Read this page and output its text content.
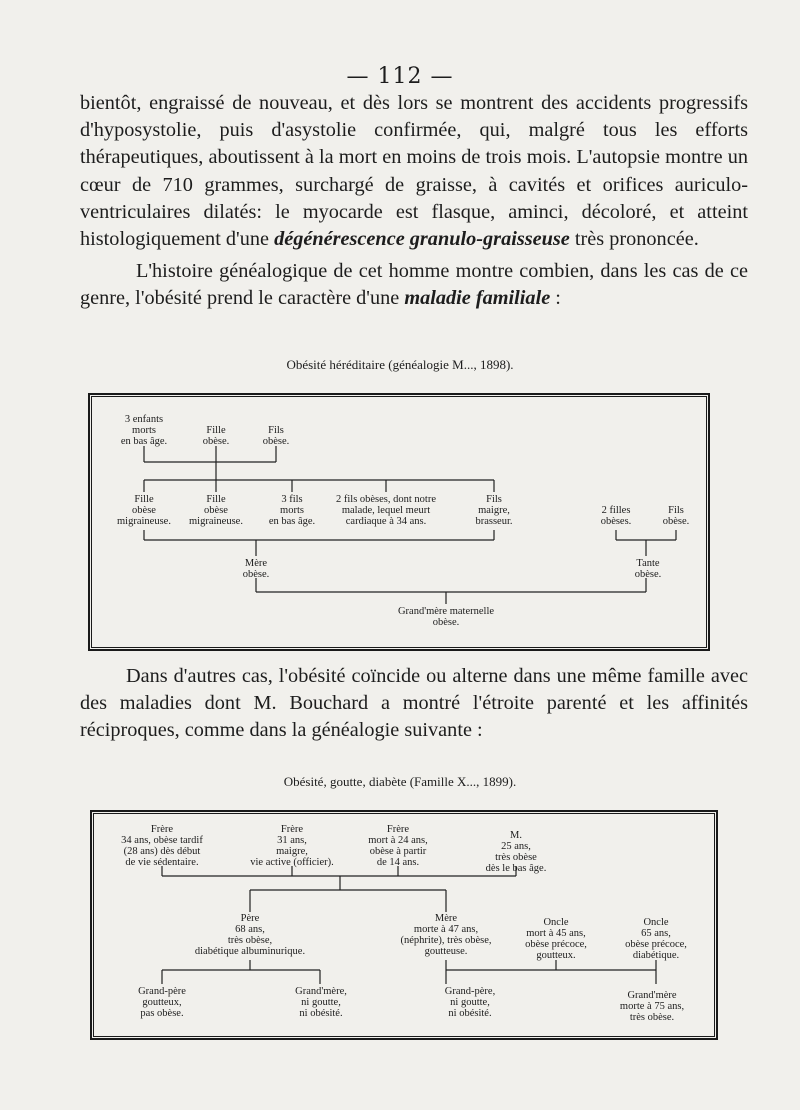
— 112 —

bientôt, engraissé de nouveau, et dès lors se montrent des accidents progressifs d'hyposystolie, puis d'asystolie confirmée, qui, malgré tous les efforts thérapeutiques, aboutissent à la mort en moins de trois mois. L'autopsie montre un cœur de 710 grammes, surchargé de graisse, à cavités et orifices auriculo-ventriculaires dilatés: le myocarde est flasque, aminci, décoloré, et atteint histologiquement d'une dégénérescence granulo-graisseuse très prononcée.

L'histoire généalogique de cet homme montre combien, dans les cas de ce genre, l'obésité prend le caractère d'une maladie familiale :

Obésité héréditaire (généalogie M..., 1898).
3 enfants
morts
en bas âge.
Fille
obèse.
Fils
obèse.
Fille
obèse
migraineuse.
Fille
obèse
migraineuse.
3 fils
morts
en bas âge.
2 fils obèses, dont notre
malade, lequel meurt
cardiaque à 34 ans.
Fils
maigre,
brasseur.
2 filles
obèses.
Fils
obèse.
Mère
obèse.
Tante
obèse.
Grand'mère maternelle
obèse.

Dans d'autres cas, l'obésité coïncide ou alterne dans une même famille avec des maladies dont M. Bouchard a montré l'étroite parenté et les affinités réciproques, comme dans la généalogie suivante :

Obésité, goutte, diabète (Famille X..., 1899).
Frère
34 ans, obèse tardif
(28 ans) dès début
de vie sédentaire.
Frère
31 ans,
maigre,
vie active (officier).
Frère
mort à 24 ans,
obèse à partir
de 14 ans.
M.
25 ans,
très obèse
dès le bas âge.
Père
68 ans,
très obèse,
diabétique albuminurique.
Mère
morte à 47 ans,
(néphrite), très obèse,
goutteuse.
Oncle
mort à 45 ans,
obèse précoce,
goutteux.
Oncle
65 ans,
obèse précoce,
diabétique.
Grand-père
goutteux,
pas obèse.
Grand'mère,
ni goutte,
ni obésité.
Grand-père,
ni goutte,
ni obésité.
Grand'mère
morte à 75 ans,
très obèse.
